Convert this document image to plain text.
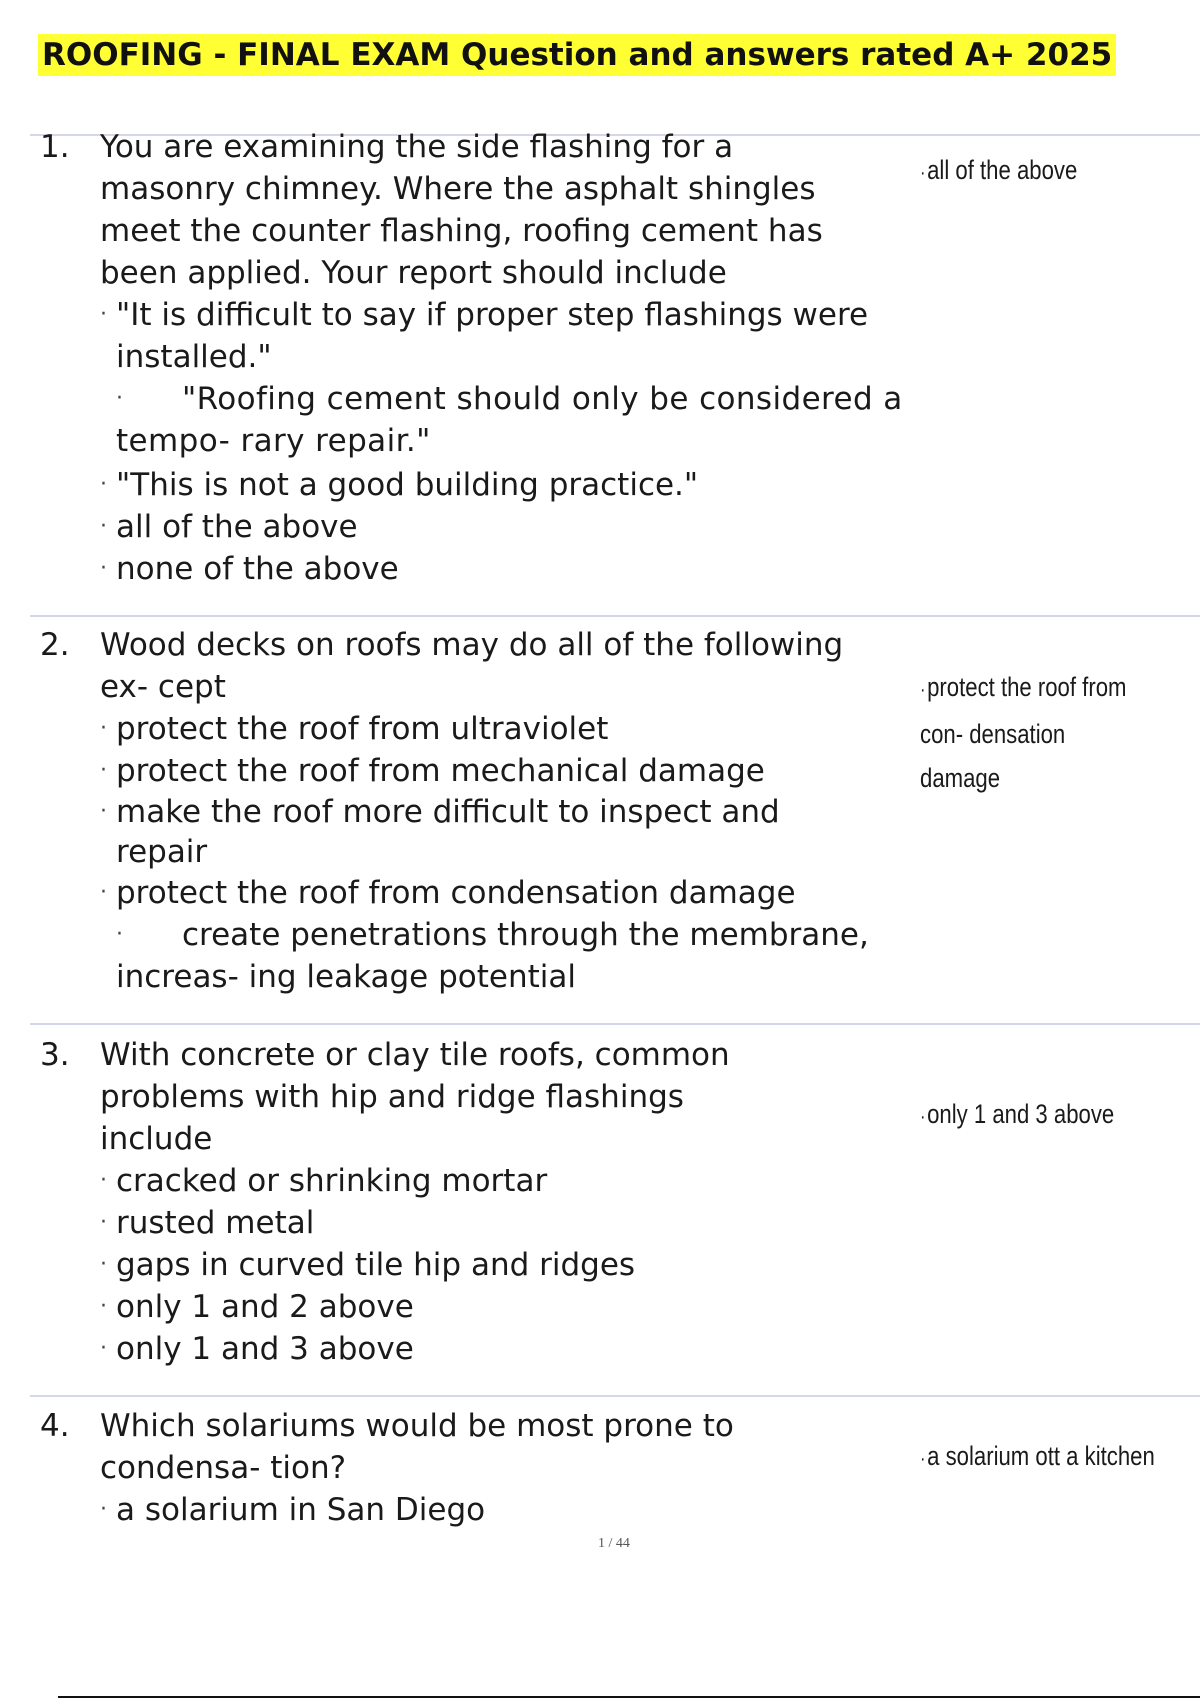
ROOFING - FINAL EXAM Question and answers rated A+ 2025
1. You are examining the side flashing for a

masonry chimney. Where the asphalt shingles

meet the counter flashing, roofing cement has

been applied. Your report should include

· "It is difficult to say if proper step flashings were installed."
· "Roofing cement should only be considered a tempo- rary repair."
· "This is not a good building practice."
· all of the above
· none of the above
·all of the above
2. Wood decks on roofs may do all of the following

ex- cept

· protect the roof from ultraviolet
· protect the roof from mechanical damage
· make the roof more difficult to inspect and repair
· protect the roof from condensation damage
· create penetrations through the membrane, increas- ing leakage potential
·protect the roof from
con- densation
damage
3. With concrete or clay tile roofs, common

problems with hip and ridge flashings

include

· cracked or shrinking mortar
· rusted metal
· gaps in curved tile hip and ridges
· only 1 and 2 above
· only 1 and 3 above
·only 1 and 3 above
4. Which solariums would be most prone to

condensa- tion?

· a solarium in San Diego
·a solarium ott a kitchen
1 / 44
